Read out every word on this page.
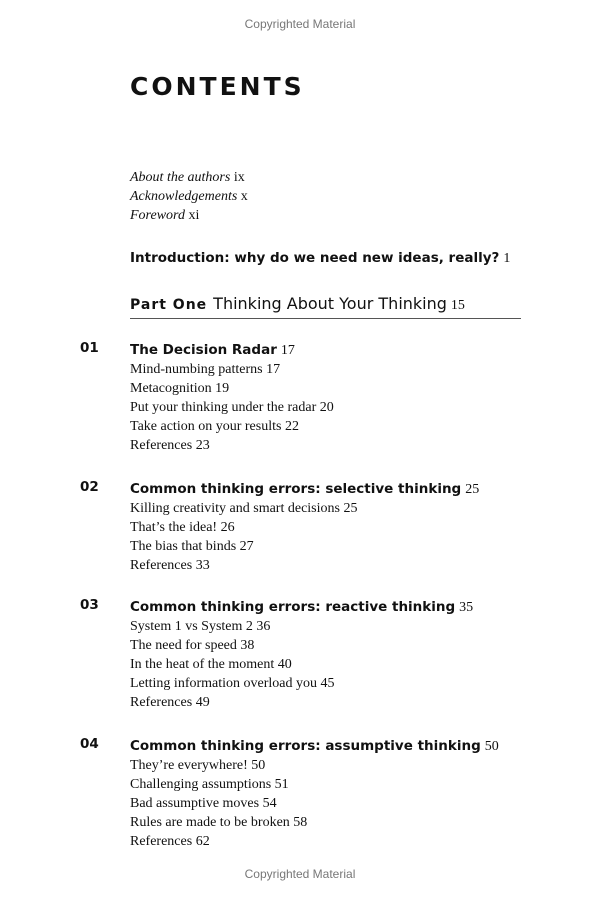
Copyrighted Material
CONTENTS
About the authors ix
Acknowledgements x
Foreword xi
Introduction: why do we need new ideas, really? 1
Part One Thinking About Your Thinking 15
01 The Decision Radar 17
Mind-numbing patterns 17
Metacognition 19
Put your thinking under the radar 20
Take action on your results 22
References 23
02 Common thinking errors: selective thinking 25
Killing creativity and smart decisions 25
That’s the idea! 26
The bias that binds 27
References 33
03 Common thinking errors: reactive thinking 35
System 1 vs System 2 36
The need for speed 38
In the heat of the moment 40
Letting information overload you 45
References 49
04 Common thinking errors: assumptive thinking 50
They’re everywhere! 50
Challenging assumptions 51
Bad assumptive moves 54
Rules are made to be broken 58
References 62
Copyrighted Material
